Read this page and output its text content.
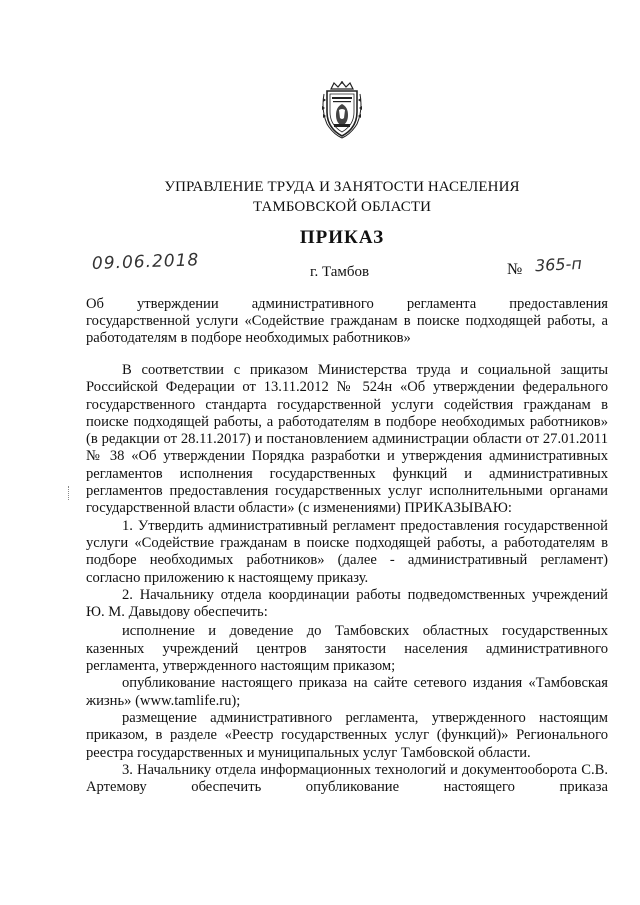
УПРАВЛЕНИЕ ТРУДА И ЗАНЯТОСТИ НАСЕЛЕНИЯ
ТАМБОВСКОЙ ОБЛАСТИ
ПРИКАЗ
09.06.2018	г. Тамбов	№ 365-п
Об утверждении административного регламента предоставления
государственной услуги «Содействие гражданам в поиске подходящей работы, а работодателям в подборе необходимых работников»

В соответствии с приказом Министерства труда и социальной защиты Российской Федерации от 13.11.2012 № 524н «Об утверждении федерального государственного стандарта государственной услуги содействия гражданам в поиске подходящей работы, а работодателям в подборе необходимых работников» (в редакции от 28.11.2017) и постановлением администрации области от 27.01.2011 № 38 «Об утверждении Порядка разработки и утверждения административных регламентов исполнения государственных функций и административных регламентов предоставления государственных услуг исполнительными органами государственной власти области» (с изменениями) ПРИКАЗЫВАЮ:

1. Утвердить административный регламент предоставления государственной услуги «Содействие гражданам в поиске подходящей работы, а работодателям в подборе необходимых работников» (далее - административный регламент) согласно приложению к настоящему приказу.

2. Начальнику отдела координации работы подведомственных учреждений Ю. М. Давыдову обеспечить:

исполнение и доведение до Тамбовских областных государственных казенных учреждений центров занятости населения административного регламента, утвержденного настоящим приказом;

опубликование настоящего приказа на сайте сетевого издания «Тамбовская жизнь» (www.tamlife.ru);

размещение административного регламента, утвержденного настоящим приказом, в разделе «Реестр государственных услуг (функций)» Регионального реестра государственных и муниципальных услуг Тамбовской области.

3. Начальнику отдела информационных технологий и документооборота С.В. Артемову обеспечить опубликование настоящего приказа
